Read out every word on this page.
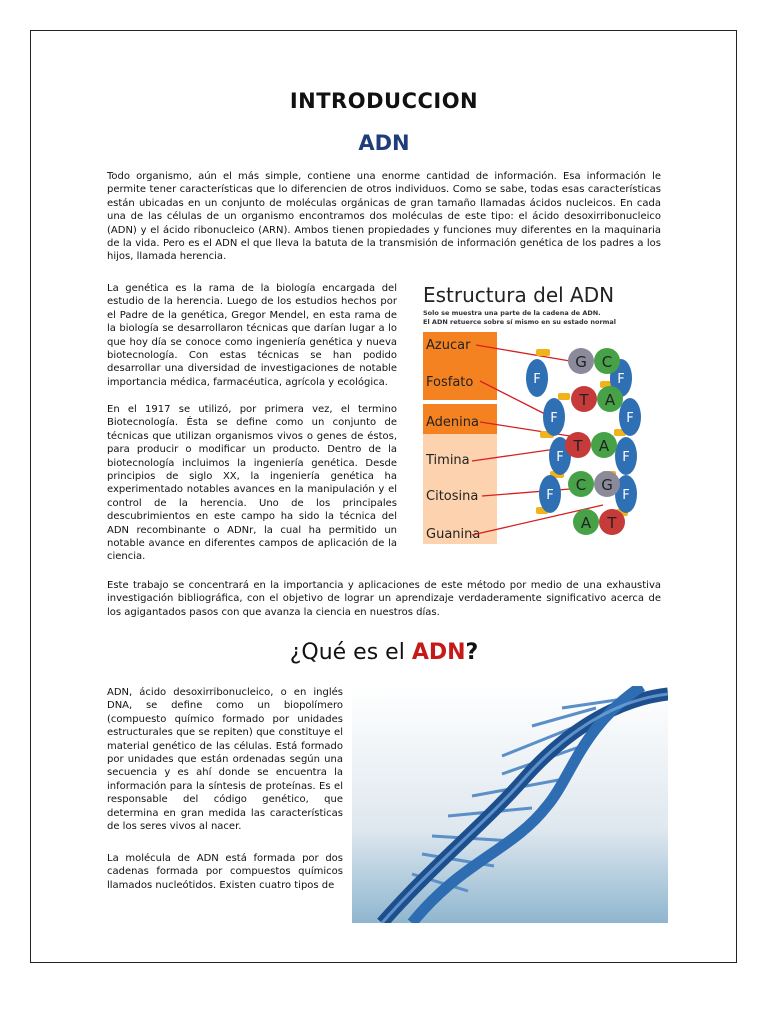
INTRODUCCION
ADN

Todo organismo, aún el más simple, contiene una enorme cantidad de información. Esa información le permite tener características que lo diferencien de otros individuos. Como se sabe, todas esas características están ubicadas en un conjunto de moléculas orgánicas de gran tamaño llamadas ácidos nucleicos. En cada una de las células de un organismo encontramos dos moléculas de este tipo: el ácido desoxirribonucleico (ADN) y el ácido ribonucleico (ARN). Ambos tienen propiedades y funciones muy diferentes en la maquinaria de la vida. Pero es el ADN el que lleva la batuta de la transmisión de información genética de los padres a los hijos, llamada herencia.

La genética es la rama de la biología encargada del estudio de la herencia. Luego de los estudios hechos por el Padre de la genética, Gregor Mendel, en esta rama de la biología se desarrollaron técnicas que darían lugar a lo que hoy día se conoce como ingeniería genética y nueva biotecnología. Con estas técnicas se han podido desarrollar una diversidad de investigaciones de notable importancia médica, farmacéutica, agrícola y ecológica.

En el 1917 se utilizó, por primera vez, el termino Biotecnología. Ésta se define como un conjunto de técnicas que utilizan organismos vivos o genes de éstos, para producir o modificar un producto. Dentro de la biotecnología incluimos la ingeniería genética. Desde principios de siglo XX, la ingeniería genética ha experimentado notables avances en la manipulación y el control de la herencia. Uno de los principales descubrimientos en este campo ha sido la técnica del ADN recombinante o ADNr, la cual ha permitido un notable avance en diferentes campos de aplicación de la ciencia.

Este trabajo se concentrará en la importancia y aplicaciones de este método por medio de una exhaustiva investigación bibliográfica, con el objetivo de lograr un aprendizaje verdaderamente significativo acerca de los agigantados pasos con que avanza la ciencia en nuestros días.

Estructura del ADN
Solo se muestra una parte de la cadena de ADN.
El ADN retuerce sobre sí mismo en su estado normal
Azucar
Fosfato
Adenina
Timina
Citosina
Guanina
F	F
F	F
F	F
F	F
G C
T A
T A
C G
A T
¿Qué es el ADN?

ADN, ácido desoxirribonucleico, o en inglés DNA, se define como un biopolímero (compuesto químico formado por unidades estructurales que se repiten) que constituye el material genético de las células. Está formado por unidades que están ordenadas según una secuencia y es ahí donde se encuentra la información para la síntesis de proteínas. Es el responsable del código genético, que determina en gran medida las características de los seres vivos al nacer.

La molécula de ADN está formada por dos cadenas formada por compuestos químicos llamados nucleótidos. Existen cuatro tipos de
